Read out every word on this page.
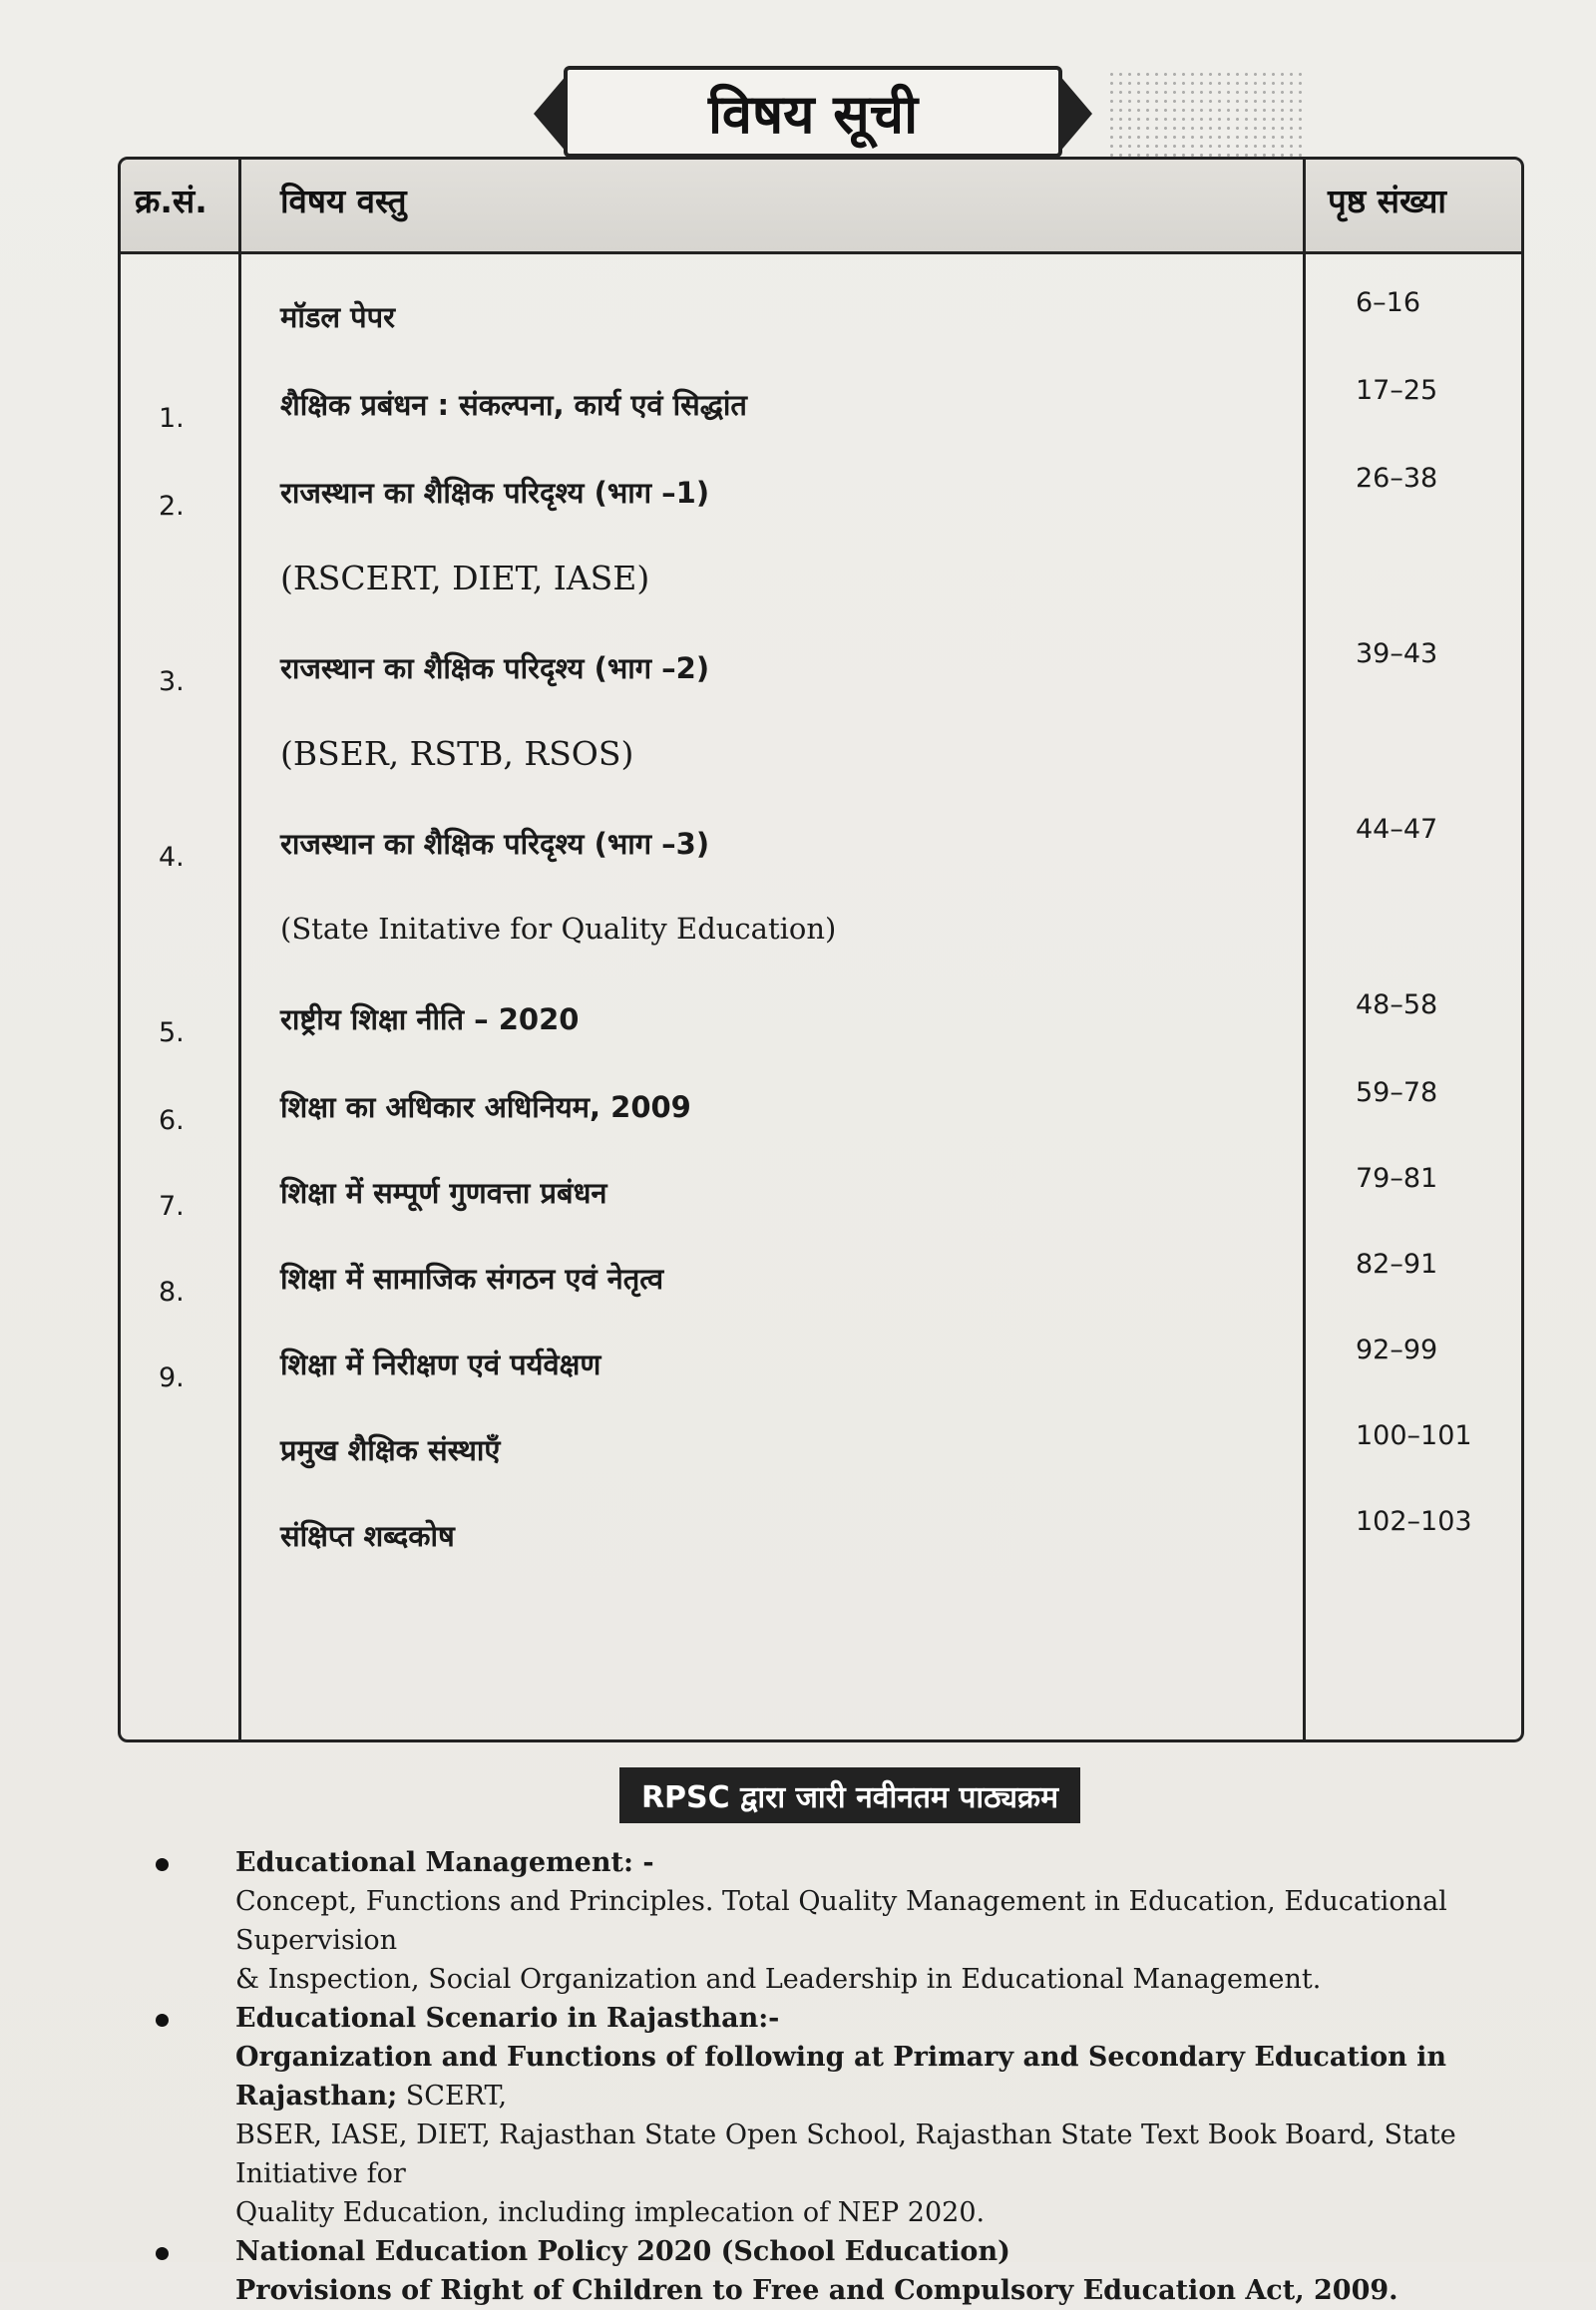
विषय सूची
क्र.सं. विषय वस्तु	पृष्ठ संख्या
मॉडल पेपर	6–16
1.	शैक्षिक प्रबंधन : संकल्पना, कार्य एवं सिद्धांत	17–25
2.	राजस्थान का शैक्षिक परिदृश्य (भाग –1)	26–38
(RSCERT, DIET, IASE)
3.	राजस्थान का शैक्षिक परिदृश्य (भाग –2)	39–43
(BSER, RSTB, RSOS)
4.	राजस्थान का शैक्षिक परिदृश्य (भाग –3)	44–47
(State Initative for Quality Education)
5.	राष्ट्रीय शिक्षा नीति – 2020	48–58
6.	शिक्षा का अधिकार अधिनियम, 2009	59–78
7.	शिक्षा में सम्पूर्ण गुणवत्ता प्रबंधन	79–81
8.	शिक्षा में सामाजिक संगठन एवं नेतृत्व	82–91
9.	शिक्षा में निरीक्षण एवं पर्यवेक्षण	92–99
प्रमुख शैक्षिक संस्थाएँ	100–101
संक्षिप्त शब्दकोष	102–103
RPSC द्वारा जारी नवीनतम पाठ्यक्रम
Educational Management: -
Concept, Functions and Principles. Total Quality Management in Education, Educational Supervision
& Inspection, Social Organization and Leadership in Educational Management.
Educational Scenario in Rajasthan:-
Organization and Functions of following at Primary and Secondary Education in Rajasthan; SCERT,
BSER, IASE, DIET, Rajasthan State Open School, Rajasthan State Text Book Board, State Initiative for
Quality Education, including implecation of NEP 2020.
National Education Policy 2020 (School Education)
Provisions of Right of Children to Free and Compulsory Education Act, 2009.
